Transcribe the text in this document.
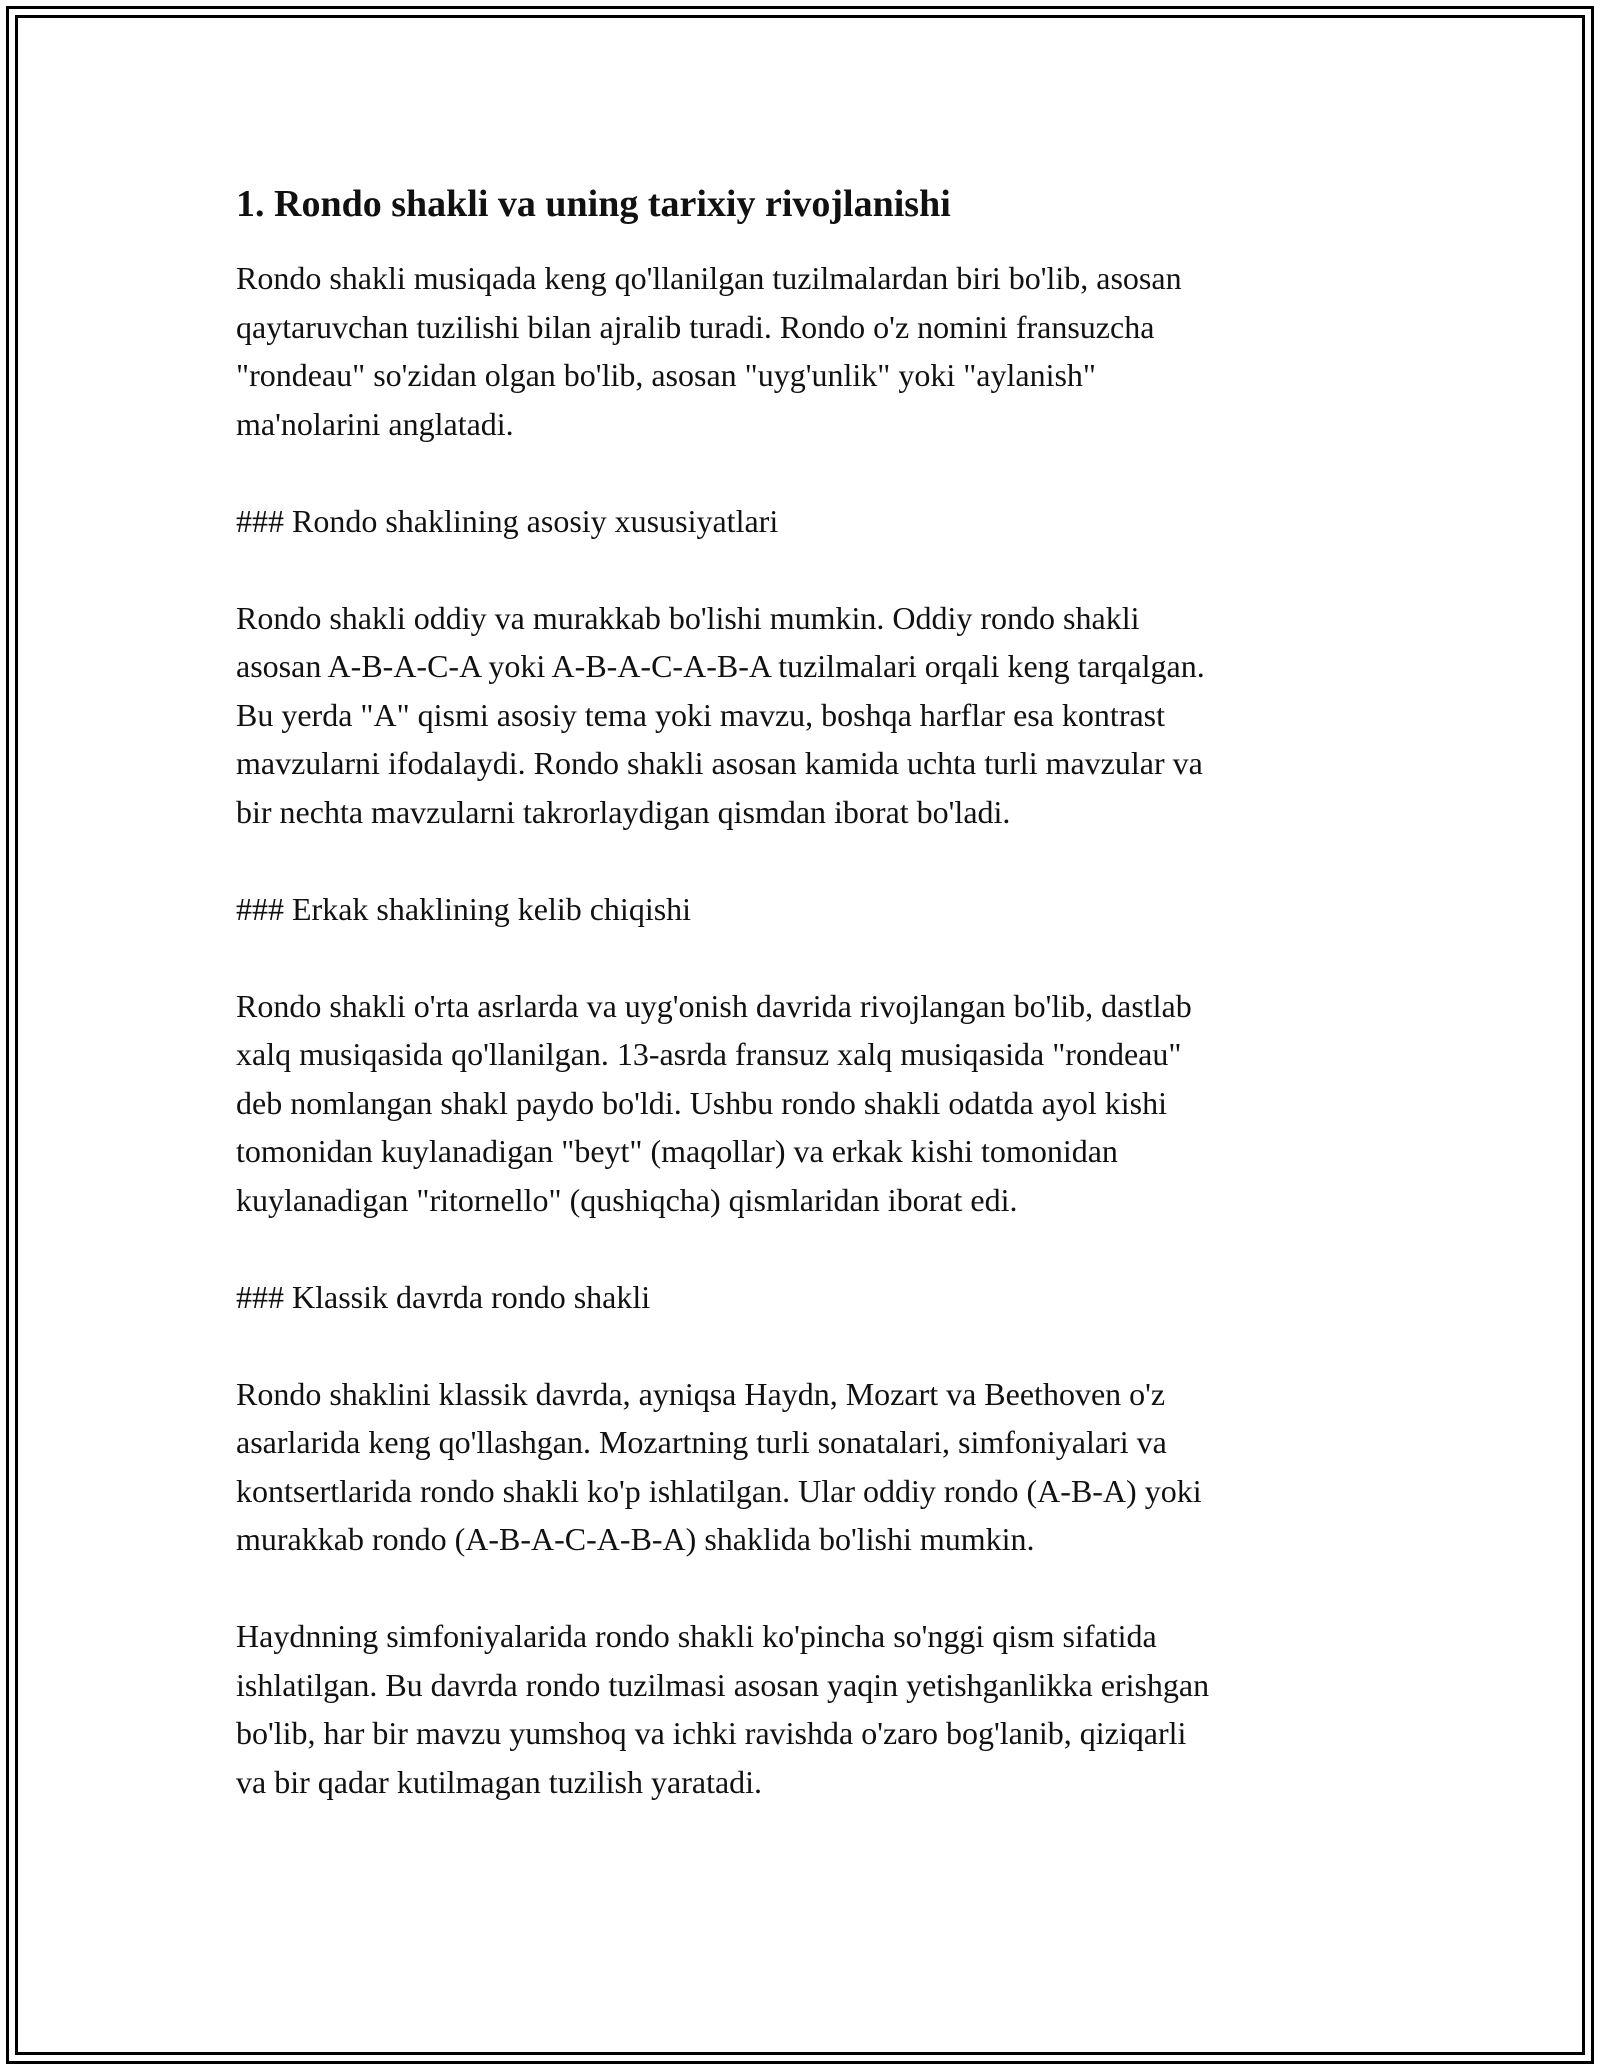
1. Rondo shakli va uning tarixiy rivojlanishi

Rondo shakli musiqada keng qo'llanilgan tuzilmalardan biri bo'lib, asosan
qaytaruvchan tuzilishi bilan ajralib turadi. Rondo o'z nomini fransuzcha
"rondeau" so'zidan olgan bo'lib, asosan "uyg'unlik" yoki "aylanish"
ma'nolarini anglatadi.

### Rondo shaklining asosiy xususiyatlari

Rondo shakli oddiy va murakkab bo'lishi mumkin. Oddiy rondo shakli
asosan A-B-A-C-A yoki A-B-A-C-A-B-A tuzilmalari orqali keng tarqalgan.
Bu yerda "A" qismi asosiy tema yoki mavzu, boshqa harflar esa kontrast
mavzularni ifodalaydi. Rondo shakli asosan kamida uchta turli mavzular va
bir nechta mavzularni takrorlaydigan qismdan iborat bo'ladi.

### Erkak shaklining kelib chiqishi

Rondo shakli o'rta asrlarda va uyg'onish davrida rivojlangan bo'lib, dastlab
xalq musiqasida qo'llanilgan. 13-asrda fransuz xalq musiqasida "rondeau"
deb nomlangan shakl paydo bo'ldi. Ushbu rondo shakli odatda ayol kishi
tomonidan kuylanadigan "beyt" (maqollar) va erkak kishi tomonidan
kuylanadigan "ritornello" (qushiqcha) qismlaridan iborat edi.

### Klassik davrda rondo shakli

Rondo shaklini klassik davrda, ayniqsa Haydn, Mozart va Beethoven o'z
asarlarida keng qo'llashgan. Mozartning turli sonatalari, simfoniyalari va
kontsertlarida rondo shakli ko'p ishlatilgan. Ular oddiy rondo (A-B-A) yoki
murakkab rondo (A-B-A-C-A-B-A) shaklida bo'lishi mumkin.

Haydnning simfoniyalarida rondo shakli ko'pincha so'nggi qism sifatida
ishlatilgan. Bu davrda rondo tuzilmasi asosan yaqin yetishganlikka erishgan
bo'lib, har bir mavzu yumshoq va ichki ravishda o'zaro bog'lanib, qiziqarli
va bir qadar kutilmagan tuzilish yaratadi.
